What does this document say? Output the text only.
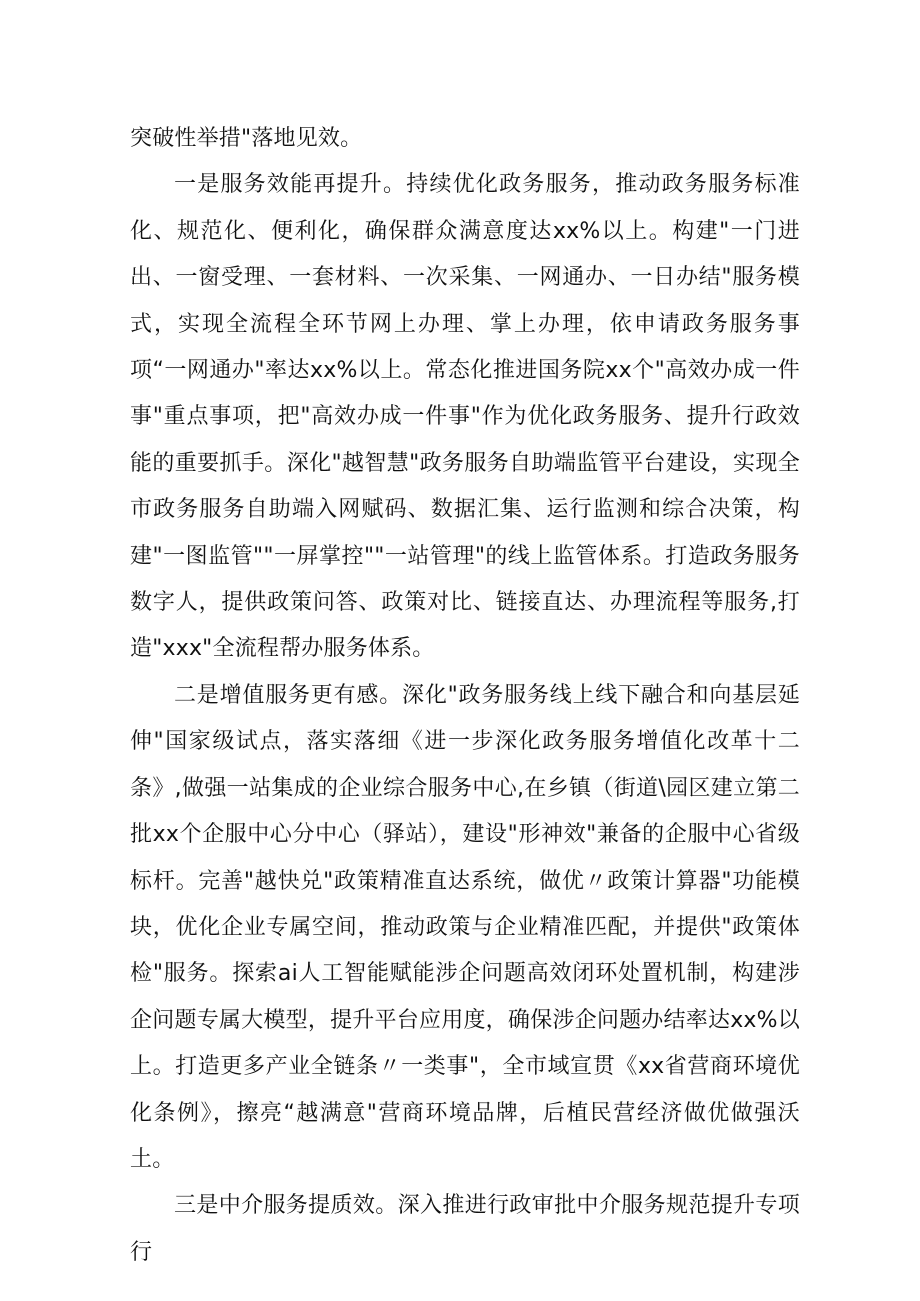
突破性举措"落地见效。

一是服务效能再提升。持续优化政务服务，推动政务服务标准化、规范化、便利化，确保群众满意度达xx%以上。构建"一门进出、一窗受理、一套材料、一次采集、一网通办、一日办结"服务模式，实现全流程全环节网上办理、掌上办理，依申请政务服务事项“一网通办"率达xx%以上。常态化推进国务院xx个"高效办成一件事"重点事项，把"高效办成一件事"作为优化政务服务、提升行政效能的重要抓手。深化"越智慧"政务服务自助端监管平台建设，实现全市政务服务自助端入网赋码、数据汇集、运行监测和综合决策，构建"一图监管""一屏掌控""一站管理"的线上监管体系。打造政务服务数字人，提供政策问答、政策对比、链接直达、办理流程等服务,打造"xxx"全流程帮办服务体系。

二是增值服务更有感。深化"政务服务线上线下融合和向基层延伸"国家级试点，落实落细《进一步深化政务服务增值化改革十二条》,做强一站集成的企业综合服务中心,在乡镇（街道\园区建立第二批xx个企服中心分中心（驿站），建设"形神效"兼备的企服中心省级标杆。完善"越快兑"政策精准直达系统，做优〃政策计算器"功能模块，优化企业专属空间，推动政策与企业精准匹配，并提供"政策体检"服务。探索ai人工智能赋能涉企问题高效闭环处置机制，构建涉企问题专属大模型，提升平台应用度，确保涉企问题办结率达xx%以上。打造更多产业全链条〃一类事"，全市域宣贯《xx省营商环境优化条例》，擦亮“越满意"营商环境品牌，后植民营经济做优做强沃土。

三是中介服务提质效。深入推进行政审批中介服务规范提升专项行
